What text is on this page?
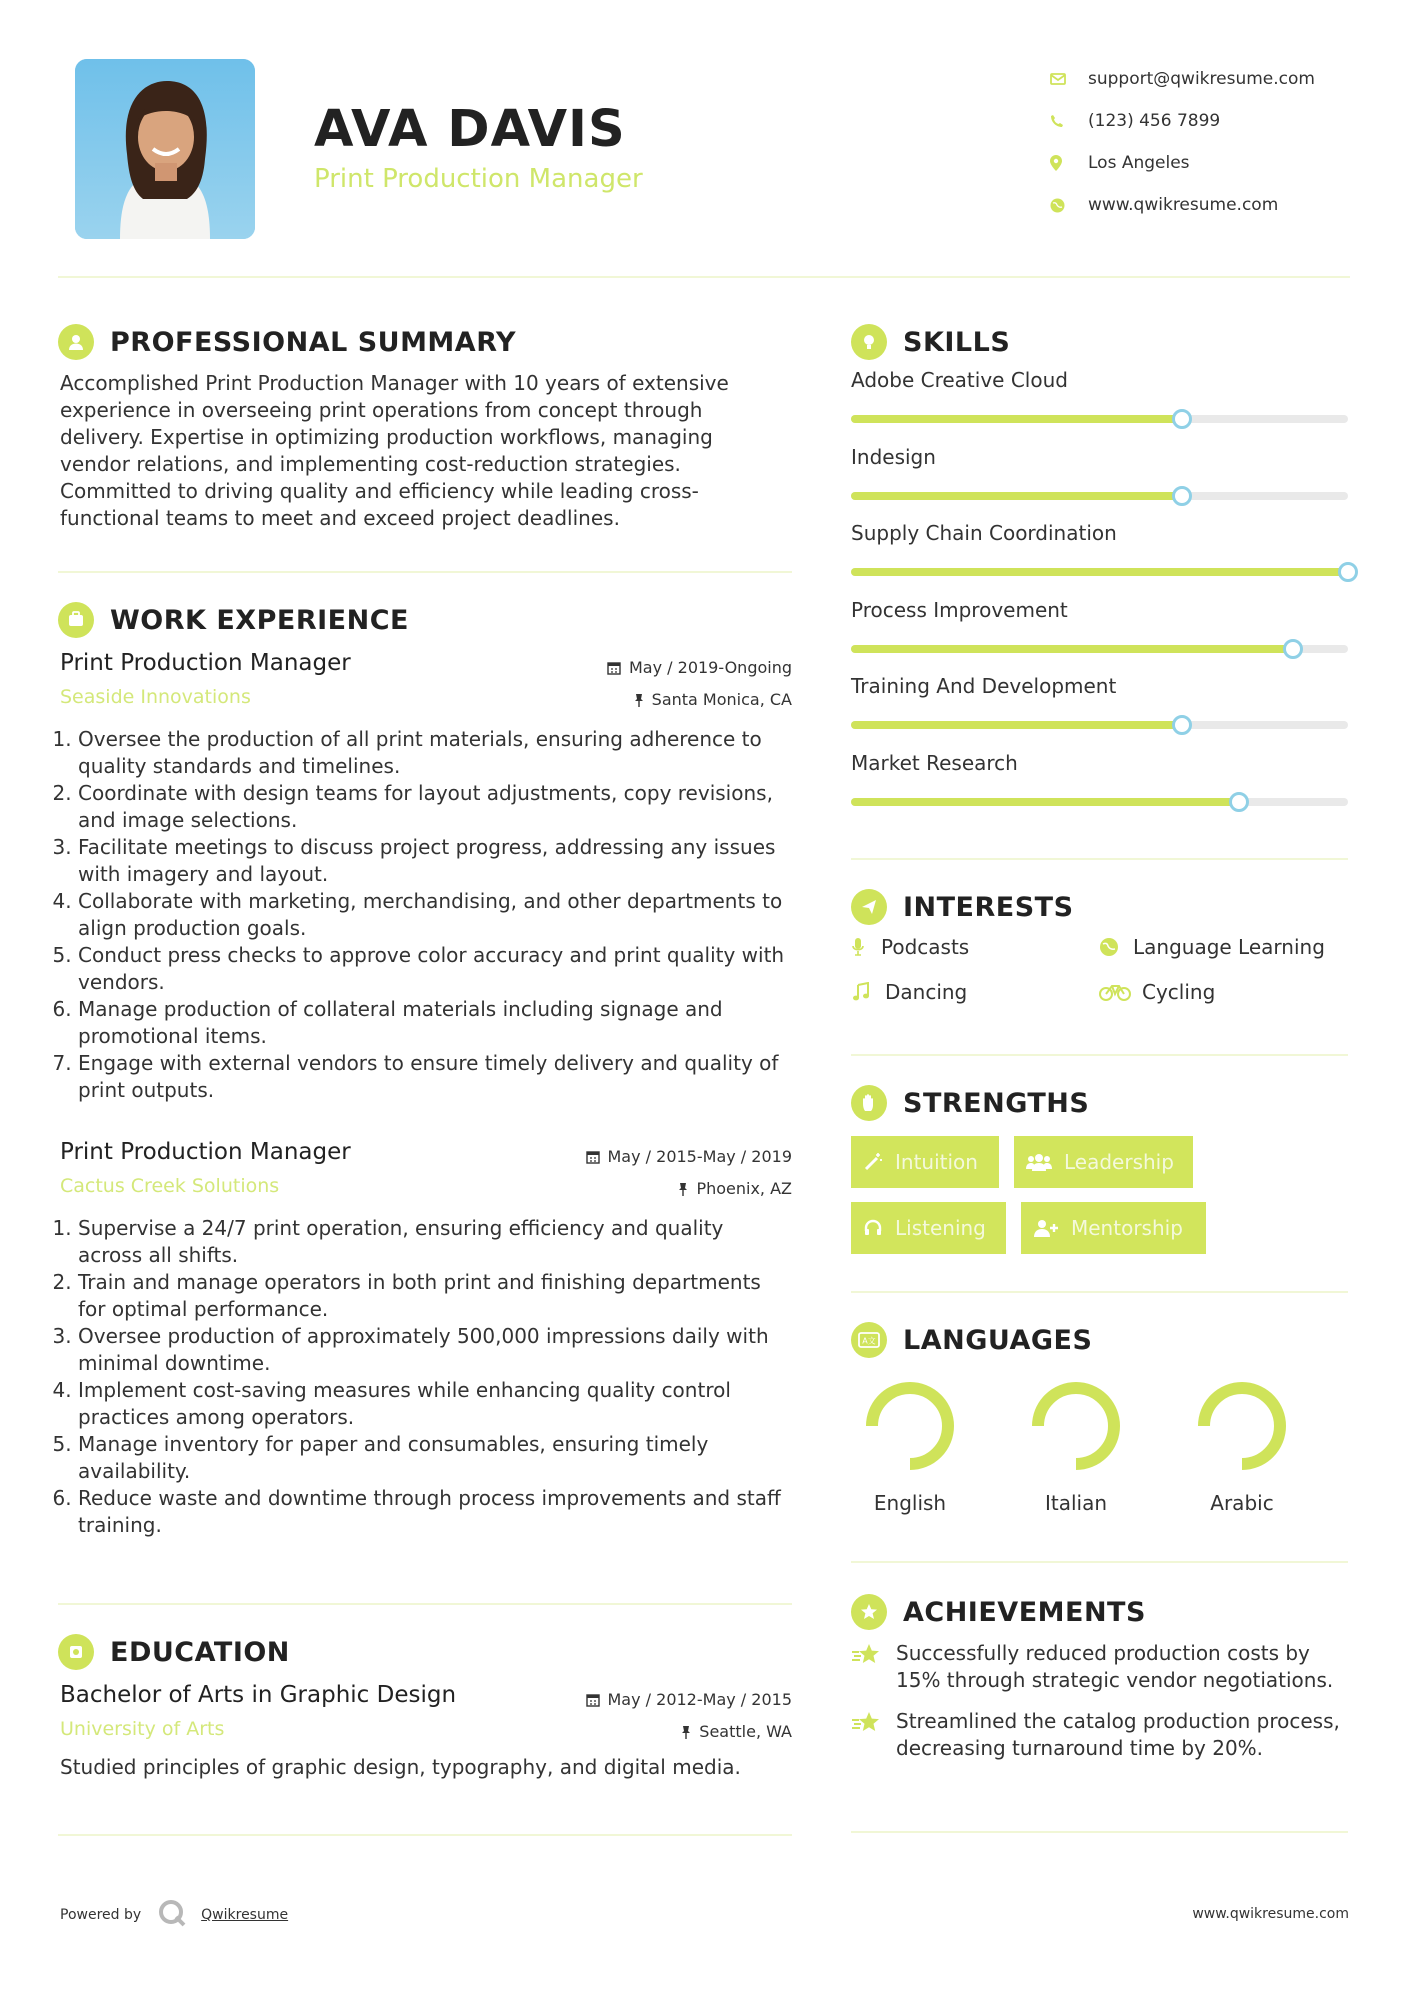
AVA DAVIS
Print Production Manager
support@qwikresume.com
(123) 456 7899
Los Angeles
www.qwikresume.com
PROFESSIONAL SUMMARY
Accomplished Print Production Manager with 10 years of extensive experience in overseeing print operations from concept through delivery. Expertise in optimizing production workflows, managing vendor relations, and implementing cost-reduction strategies. Committed to driving quality and efficiency while leading cross-functional teams to meet and exceed project deadlines.
WORK EXPERIENCE
Print Production Manager
Seaside Innovations
May / 2019-Ongoing
Santa Monica, CA
1. Oversee the production of all print materials, ensuring adherence to quality standards and timelines.
2. Coordinate with design teams for layout adjustments, copy revisions, and image selections.
3. Facilitate meetings to discuss project progress, addressing any issues with imagery and layout.
4. Collaborate with marketing, merchandising, and other departments to align production goals.
5. Conduct press checks to approve color accuracy and print quality with vendors.
6. Manage production of collateral materials including signage and promotional items.
7. Engage with external vendors to ensure timely delivery and quality of print outputs.
Print Production Manager
Cactus Creek Solutions
May / 2015-May / 2019
Phoenix, AZ
1. Supervise a 24/7 print operation, ensuring efficiency and quality across all shifts.
2. Train and manage operators in both print and finishing departments for optimal performance.
3. Oversee production of approximately 500,000 impressions daily with minimal downtime.
4. Implement cost-saving measures while enhancing quality control practices among operators.
5. Manage inventory for paper and consumables, ensuring timely availability.
6. Reduce waste and downtime through process improvements and staff training.
EDUCATION
Bachelor of Arts in Graphic Design
University of Arts
May / 2012-May / 2015
Seattle, WA
Studied principles of graphic design, typography, and digital media.
SKILLS
Adobe Creative Cloud
Indesign
Supply Chain Coordination
Process Improvement
Training And Development
Market Research
INTERESTS
Podcasts	Language Learning
Dancing	Cycling
STRENGTHS
Intuition	Leadership
Listening	Mentorship
A文 LANGUAGES
English	Italian	Arabic
ACHIEVEMENTS
Successfully reduced production costs by 15% through strategic vendor negotiations.
Streamlined the catalog production process, decreasing turnaround time by 20%.
Powered by	Qwikresume	www.qwikresume.com
